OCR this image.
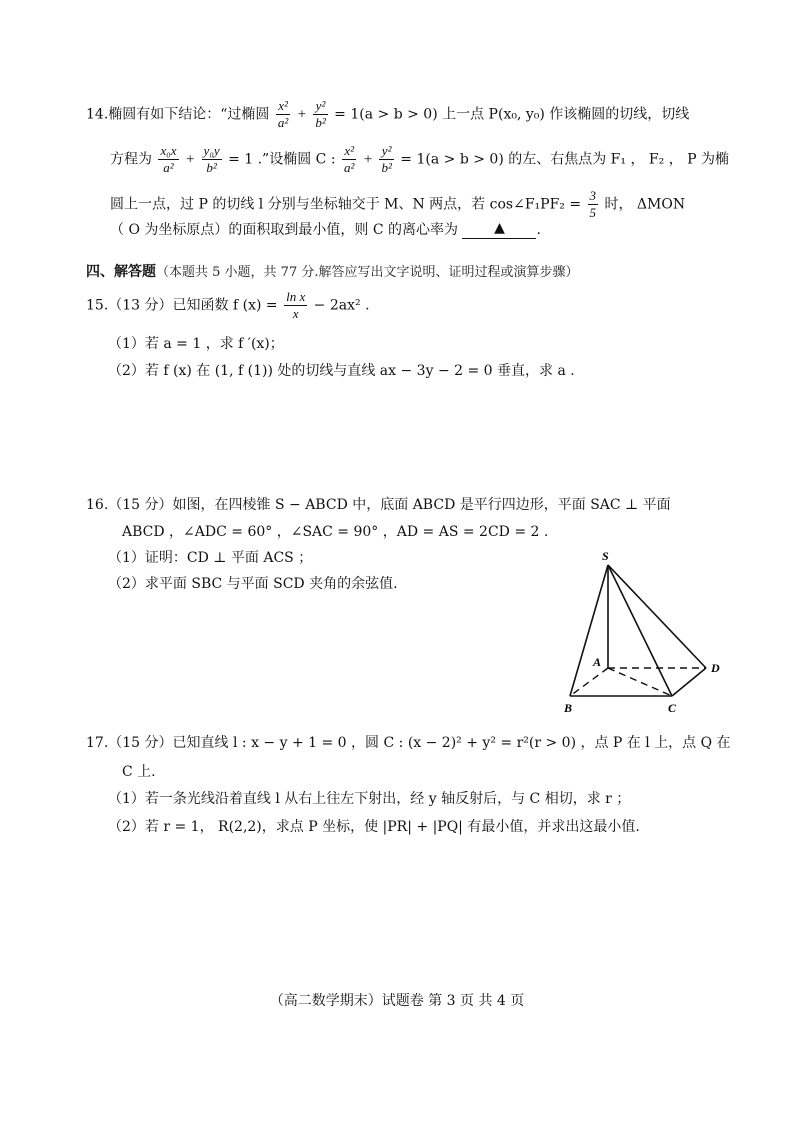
14.椭圆有如下结论：“过椭圆 $\frac{\text{x²}}{\text{a²}} + \frac{\text{y²}}{\text{b²}} = 1(a > b > 0)$ 上一点 P(x₀, y₀) 作该椭圆的切线，切线
方程为 $\frac{\text{x₀x}}{\text{a²}} + \frac{\text{y₀y}}{\text{b²}} = 1$ .”设椭圆 C : $\frac{\text{x²}}{\text{a²}} + \frac{\text{y²}}{\text{b²}} = 1(a > b > 0)$ 的左、右焦点为 F₁ ， F₂ ， P 为椭
圆上一点，过 P 的切线 l 分别与坐标轴交于 M、N 两点，若 cos∠F₁PF₂ = $\frac{3}{5}$ 时， ΔMON
（ O 为坐标原点）的面积取到最小值，则 C 的离心率为	▲ .
四、解答题（本题共 5 小题，共 77 分.解答应写出文字说明、证明过程或演算步骤）
15.（13 分）已知函数 f $(x) = \frac{\text{ln x}}{x} - 2ax^2$ .
（1）若 a = 1 ，求 f ′(x)；
（2）若 f (x) 在 (1, f (1)) 处的切线与直线 ax − 3y − 2 = 0 垂直，求 a .
16.（15 分）如图，在四棱锥 S − ABCD 中，底面 ABCD 是平行四边形，平面 SAC ⊥ 平面
ABCD ，∠ADC = 60° ，∠SAC = 90° ，AD = AS = 2CD = 2 .
（1）证明：CD ⊥ 平面 ACS ；
（2）求平面 SBC 与平面 SCD 夹角的余弦值.
S
A
B	C
D
17.（15 分）已知直线 l : x − y + 1 = 0 ，圆 C : (x − 2)² + y² = r²(r > 0) ，点 P 在 l 上，点 Q 在
C 上.
（1）若一条光线沿着直线 l 从右上往左下射出，经 y 轴反射后，与 C 相切，求 r ；
（2）若 r = 1， R(2,2)，求点 P 坐标，使 |PR| + |PQ| 有最小值，并求出这最小值.
（高二数学期末）试题卷 第 3 页 共 4 页
